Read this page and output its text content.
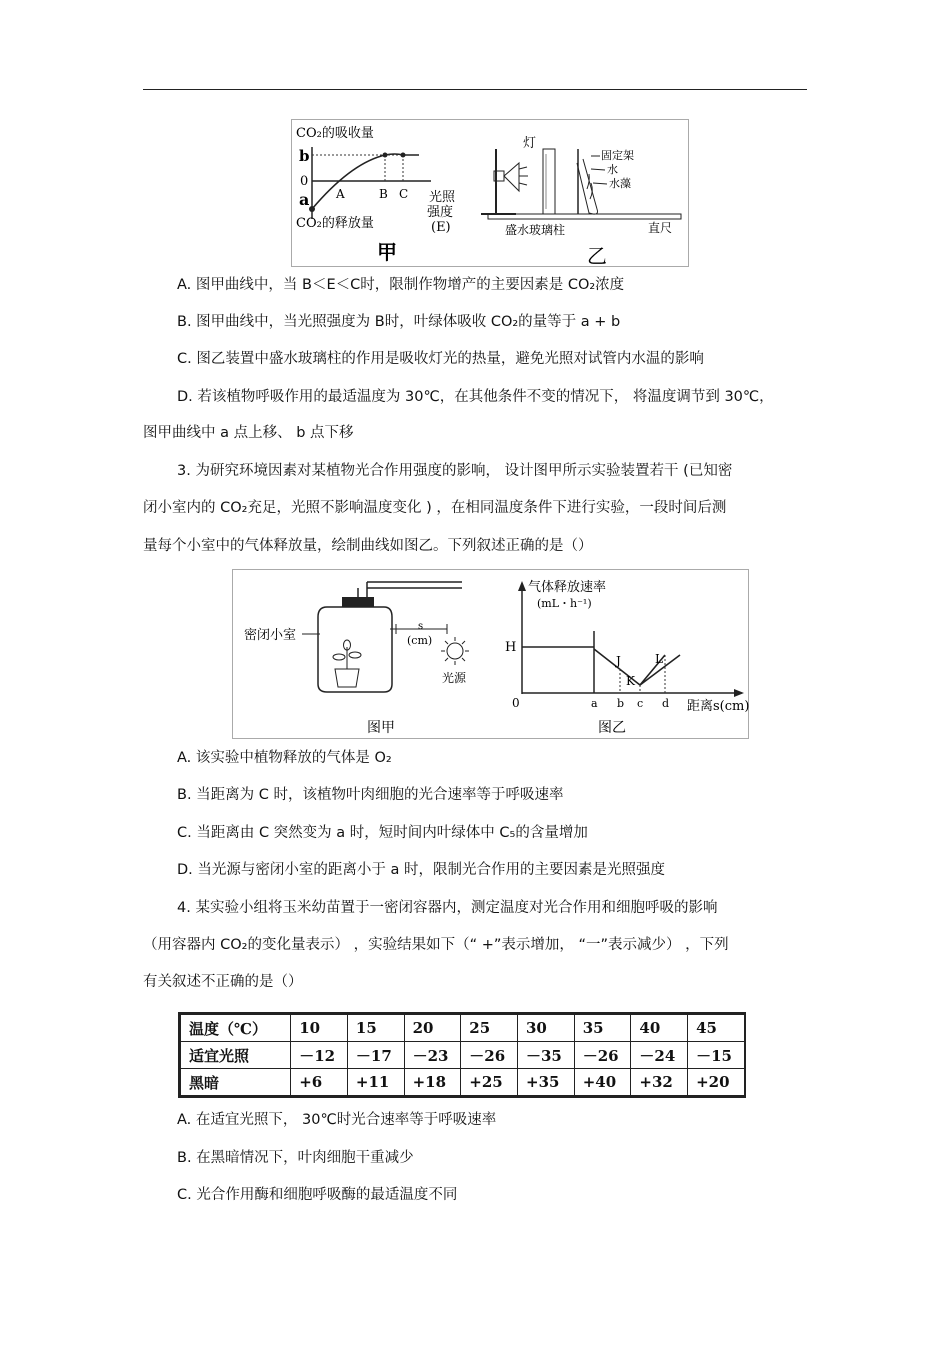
CO₂的吸收量
b
0
a A	B C
CO₂的释放量
光照
强度
(E)
甲
灯
固定架
水
水藻
盛水玻璃柱	直尺
乙
A. 图甲曲线中，当 B＜E＜C时，限制作物增产的主要因素是 CO₂浓度
B. 图甲曲线中，当光照强度为 B时，叶绿体吸收 CO₂的量等于 a + b
C. 图乙装置中盛水玻璃柱的作用是吸收灯光的热量，避免光照对试管内水温的影响
D. 若该植物呼吸作用的最适温度为 30℃，在其他条件不变的情况下， 将温度调节到 30℃，
图甲曲线中 a 点上移、 b 点下移
3. 为研究环境因素对某植物光合作用强度的影响， 设计图甲所示实验装置若干 (已知密
闭小室内的 CO₂充足，光照不影响温度变化 ) ，在相同温度条件下进行实验，一段时间后测
量每个小室中的气体释放量，绘制曲线如图乙。下列叙述正确的是（）
密闭小室
s
(cm)
光源
图甲
气体释放速率
(mL・h⁻¹)
H
0	a b c d
J
K
L
距离s(cm)
图乙
A. 该实验中植物释放的气体是 O₂
B. 当距离为 C 时，该植物叶肉细胞的光合速率等于呼吸速率
C. 当距离由 C 突然变为 a 时，短时间内叶绿体中 C₅的含量增加
D. 当光源与密闭小室的距离小于 a 时，限制光合作用的主要因素是光照强度
4. 某实验小组将玉米幼苗置于一密闭容器内，测定温度对光合作用和细胞呼吸的影响
（用容器内 CO₂的变化量表示） ，实验结果如下（“ +”表示增加， “一”表示减少） ，下列
有关叙述不正确的是（）
温度（℃）	10	15	20	25	30	35	40	45
适宜光照	－12	－17	－23	－26	－35	－26	－24	－15
黑暗	+6	+11	+18	+25	+35	+40	+32	+20
A. 在适宜光照下， 30℃时光合速率等于呼吸速率
B. 在黑暗情况下，叶肉细胞干重减少
C. 光合作用酶和细胞呼吸酶的最适温度不同
